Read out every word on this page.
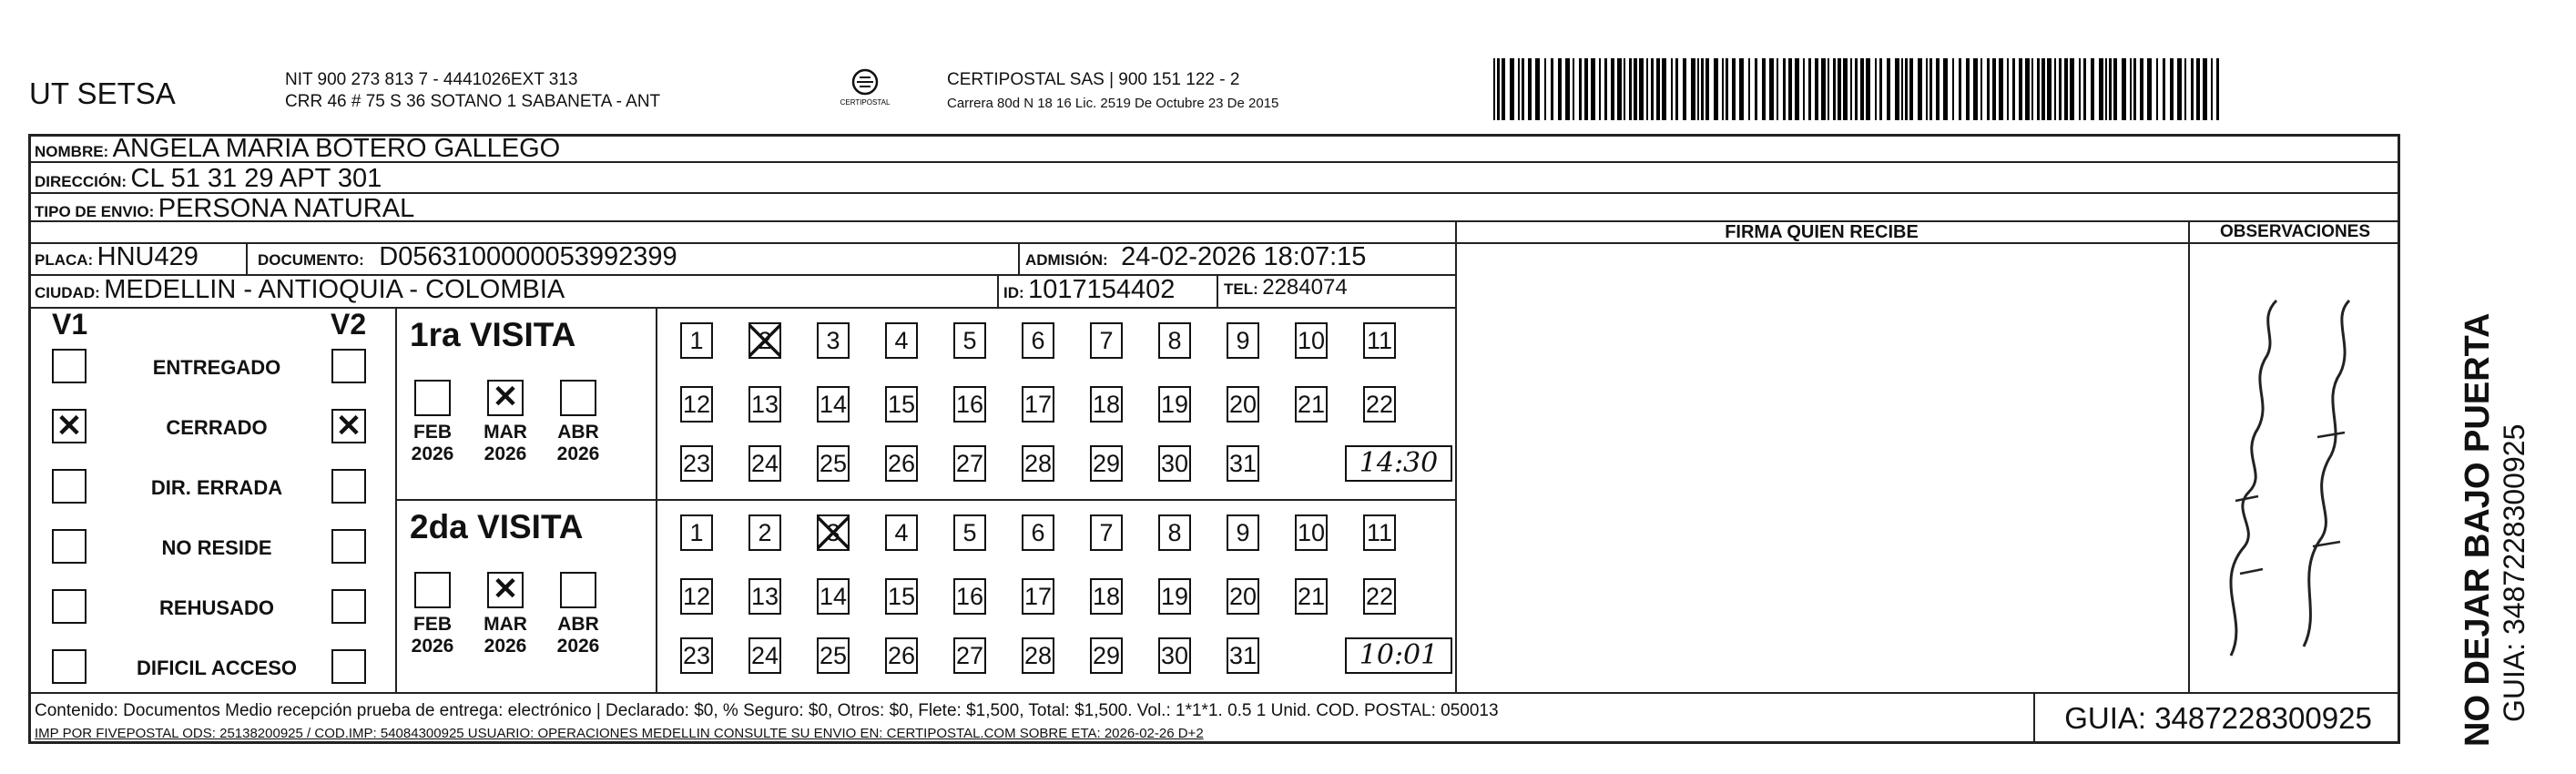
UT SETSA	NIT 900 273 813 7 - 4441026EXT 313
CRR 46 # 75 S 36 SOTANO 1 SABANETA - ANT	CERTIPOSTAL
CERTIPOSTAL SAS | 900 151 122 - 2
Carrera 80d N 18 16 Lic. 2519 De Octubre 23 De 2015
NOMBRE: ANGELA MARIA BOTERO GALLEGO
DIRECCIÓN: CL 51 31 29 APT 301
TIPO DE ENVIO: PERSONA NATURAL
PLACA: HNU429	DOCUMENTO: D0563100000053992399	ADMISIÓN: 24-02-2026 18:07:15
CIUDAD: MEDELLIN - ANTIOQUIA - COLOMBIA	ID: 1017154402	TEL: 2284074
FIRMA QUIEN RECIBE	OBSERVACIONES
NO DEJAR BAJO PUERTA GUIA: 3487228300925
V1	V2
ENTREGADO
✕	CERRADO	✕
DIR. ERRADA
NO RESIDE
REHUSADO
DIFICIL ACCESO
1ra VISITA
FEB
2026
✕
MAR
2026
ABR
2026
1	2	3	4	5	6	7	8	9	10 11
12 13 14 15 16 17 18 19 20 21 22
23 24 25 26 27 28 29 30 31	14:30
2da VISITA
FEB
2026
✕
MAR
2026
ABR
2026
1	2	3	4	5	6	7	8	9	10 11
12 13 14 15 16 17 18 19 20 21 22
23 24 25 26 27 28 29 30 31	10:01
Contenido: Documentos Medio recepción prueba de entrega: electrónico | Declarado: $0, % Seguro: $0, Otros: $0, Flete: $1,500, Total: $1,500. Vol.: 1*1*1. 0.5 1 Unid. COD. POSTAL: 050013
IMP POR FIVEPOSTAL ODS: 25138200925 / COD.IMP: 54084300925 USUARIO: OPERACIONES MEDELLIN CONSULTE SU ENVIO EN: CERTIPOSTAL.COM SOBRE ETA: 2026-02-26 D+2	GUIA: 3487228300925
